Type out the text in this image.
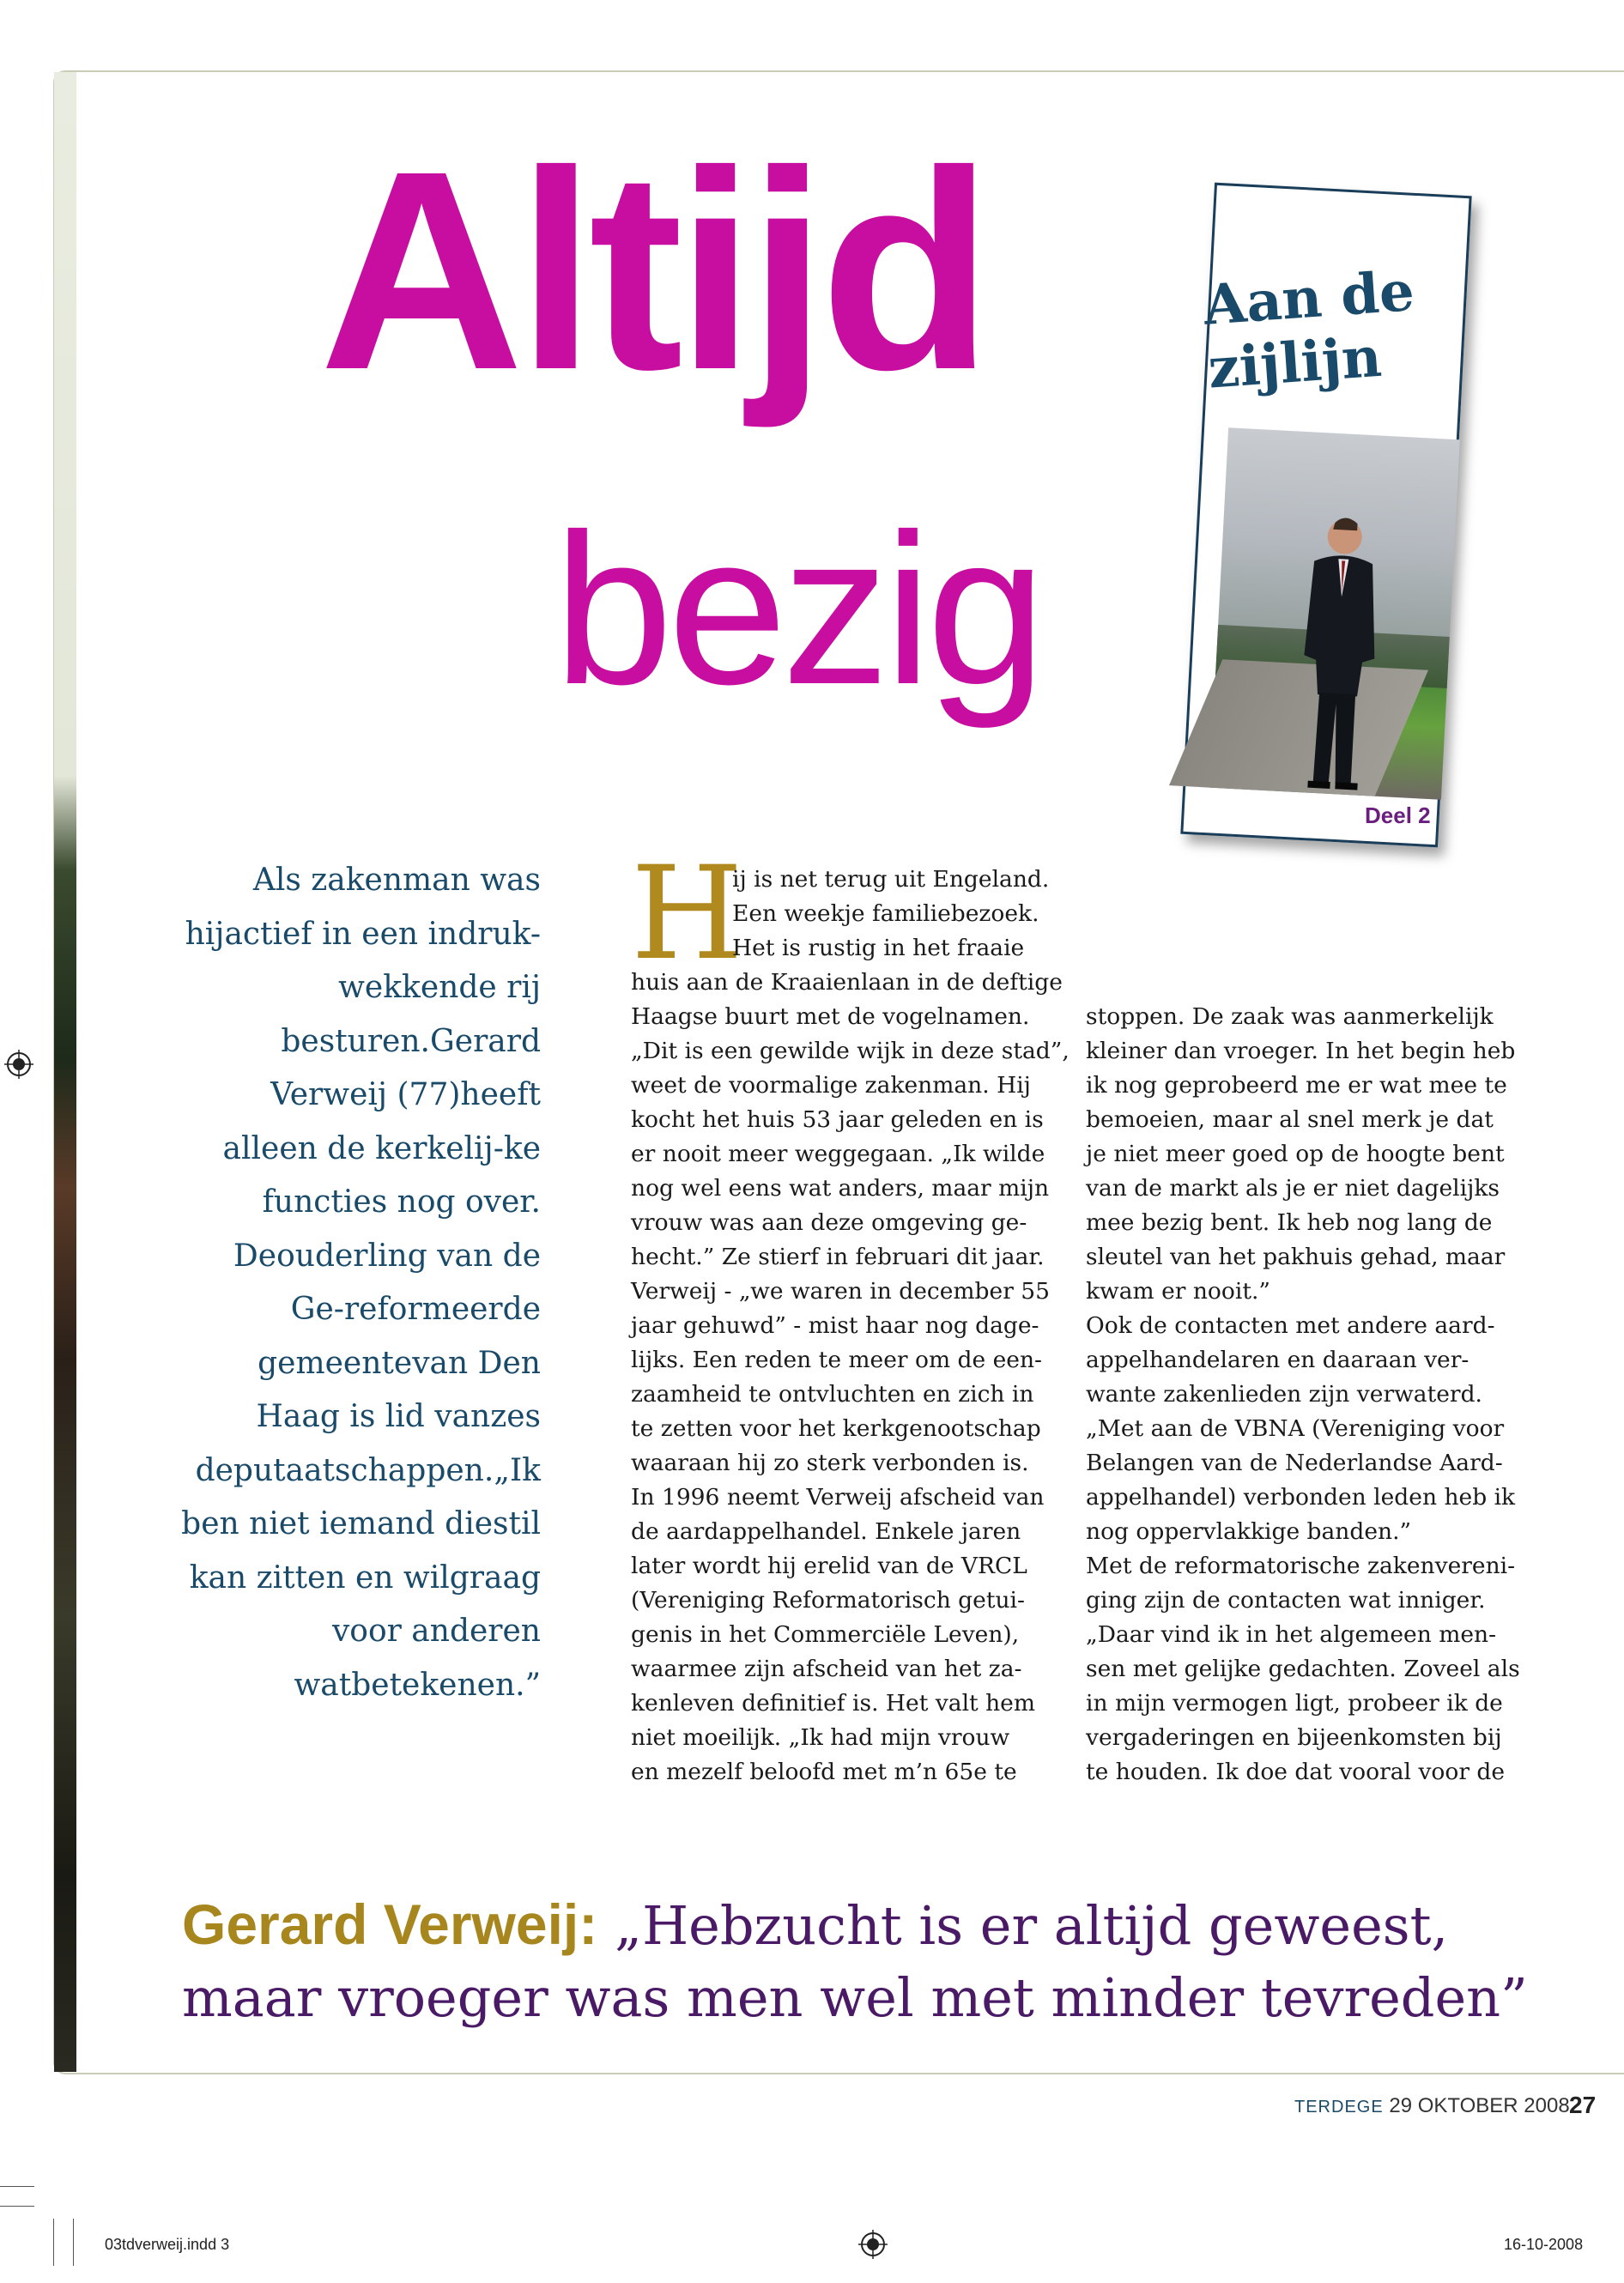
Altijd
bezig
Aan de
zijlijn

Deel 2

Als zakenman was hijactief in een indruk-wekkende rij besturen.Gerard Verweij (77)heeft alleen de kerkelij-ke functies nog over. Deouderling van de Ge-reformeerde gemeentevan Den Haag is lid vanzes deputaatschappen.„Ik ben niet iemand diestil kan zitten en wilgraag voor anderen watbetekenen.”

H

ij is net terug uit Engeland.
Een weekje familiebezoek.
Het is rustig in het fraaie
huis aan de Kraaienlaan in de deftige
Haagse buurt met de vogelnamen.
„Dit is een gewilde wijk in deze stad”,
weet de voormalige zakenman. Hij
kocht het huis 53 jaar geleden en is
er nooit meer weggegaan. „Ik wilde
nog wel eens wat anders, maar mijn
vrouw was aan deze omgeving ge-
hecht.” Ze stierf in februari dit jaar.
Verweij - „we waren in december 55
jaar gehuwd” - mist haar nog dage-
lijks. Een reden te meer om de een-
zaamheid te ontvluchten en zich in
te zetten voor het kerkgenootschap
waaraan hij zo sterk verbonden is.
In 1996 neemt Verweij afscheid van
de aardappelhandel. Enkele jaren
later wordt hij erelid van de VRCL
(Vereniging Reformatorisch getui-
genis in het Commerciële Leven),
waarmee zijn afscheid van het za-
kenleven definitief is. Het valt hem
niet moeilijk. „Ik had mijn vrouw
en mezelf beloofd met m’n 65e te
stoppen. De zaak was aanmerkelijk
kleiner dan vroeger. In het begin heb
ik nog geprobeerd me er wat mee te
bemoeien, maar al snel merk je dat
je niet meer goed op de hoogte bent
van de markt als je er niet dagelijks
mee bezig bent. Ik heb nog lang de
sleutel van het pakhuis gehad, maar
kwam er nooit.”
Ook de contacten met andere aard-
appelhandelaren en daaraan ver-
wante zakenlieden zijn verwaterd.
„Met aan de VBNA (Vereniging voor
Belangen van de Nederlandse Aard-
appelhandel) verbonden leden heb ik
nog oppervlakkige banden.”
Met de reformatorische zakenvereni-
ging zijn de contacten wat inniger.
„Daar vind ik in het algemeen men-
sen met gelijke gedachten. Zoveel als
in mijn vermogen ligt, probeer ik de
vergaderingen en bijeenkomsten bij
te houden. Ik doe dat vooral voor de

Gerard Verweij: „Hebzucht is er altijd geweest,
maar vroeger was men wel met minder tevreden”

TERDEGE 29 OKTOBER 2008 27

03tdverweij.indd 3	16-10-2008
